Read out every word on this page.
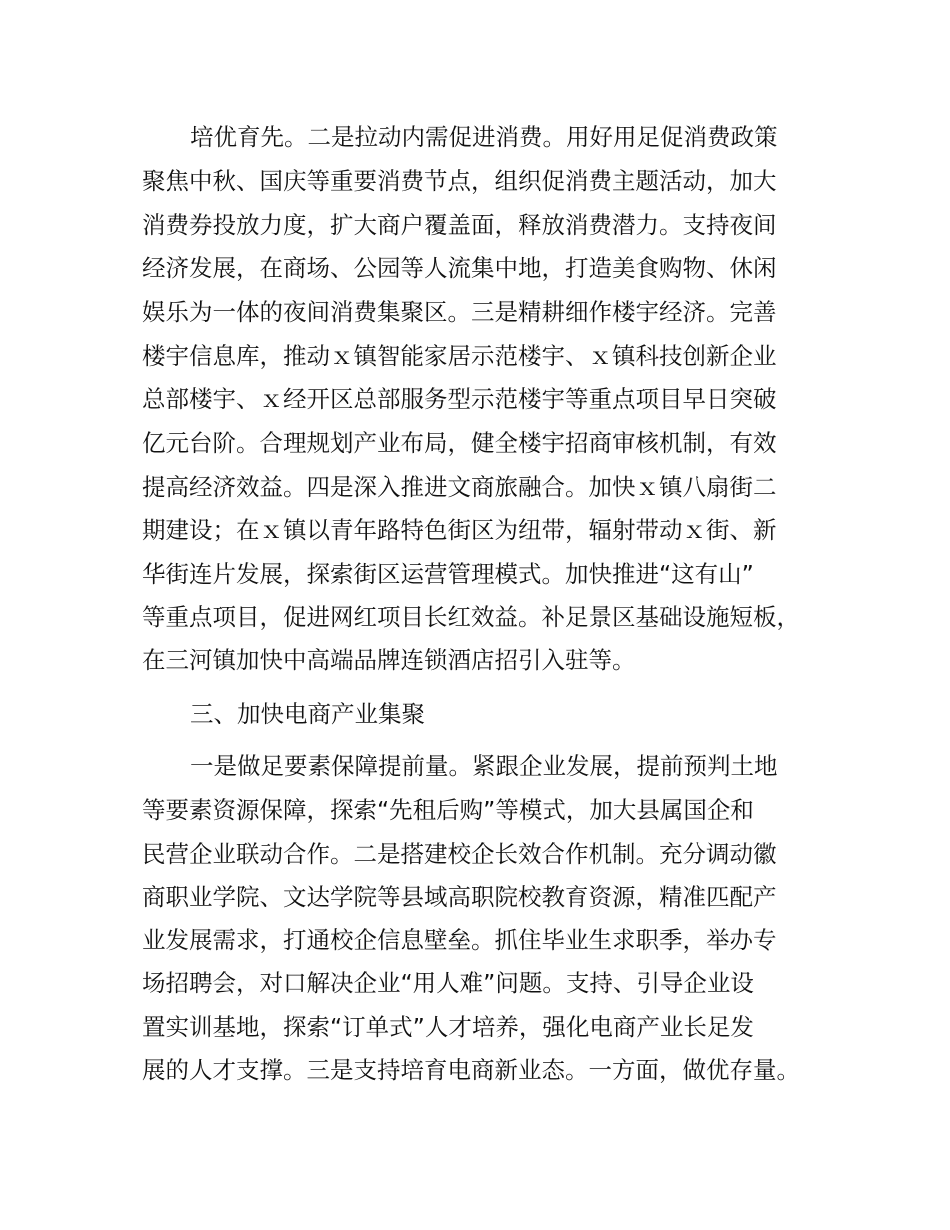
培优育先。二是拉动内需促进消费。用好用足促消费政策
聚焦中秋、国庆等重要消费节点，组织促消费主题活动，加大
消费券投放力度，扩大商户覆盖面，释放消费潜力。支持夜间
经济发展，在商场、公园等人流集中地，打造美食购物、休闲
娱乐为一体的夜间消费集聚区。三是精耕细作楼宇经济。完善
楼宇信息库，推动ｘ镇智能家居示范楼宇、ｘ镇科技创新企业
总部楼宇、ｘ经开区总部服务型示范楼宇等重点项目早日突破
亿元台阶。合理规划产业布局，健全楼宇招商审核机制，有效
提高经济效益。四是深入推进文商旅融合。加快ｘ镇八扇街二
期建设；在ｘ镇以青年路特色街区为纽带，辐射带动ｘ街、新
华街连片发展，探索街区运营管理模式。加快推进“这有山”
等重点项目，促进网红项目长红效益。补足景区基础设施短板，
在三河镇加快中高端品牌连锁酒店招引入驻等。
三、加快电商产业集聚
一是做足要素保障提前量。紧跟企业发展，提前预判土地
等要素资源保障，探索“先租后购”等模式，加大县属国企和
民营企业联动合作。二是搭建校企长效合作机制。充分调动徽
商职业学院、文达学院等县域高职院校教育资源，精准匹配产
业发展需求，打通校企信息壁垒。抓住毕业生求职季，举办专
场招聘会，对口解决企业“用人难”问题。支持、引导企业设
置实训基地，探索“订单式”人才培养，强化电商产业长足发
展的人才支撑。三是支持培育电商新业态。一方面，做优存量。
